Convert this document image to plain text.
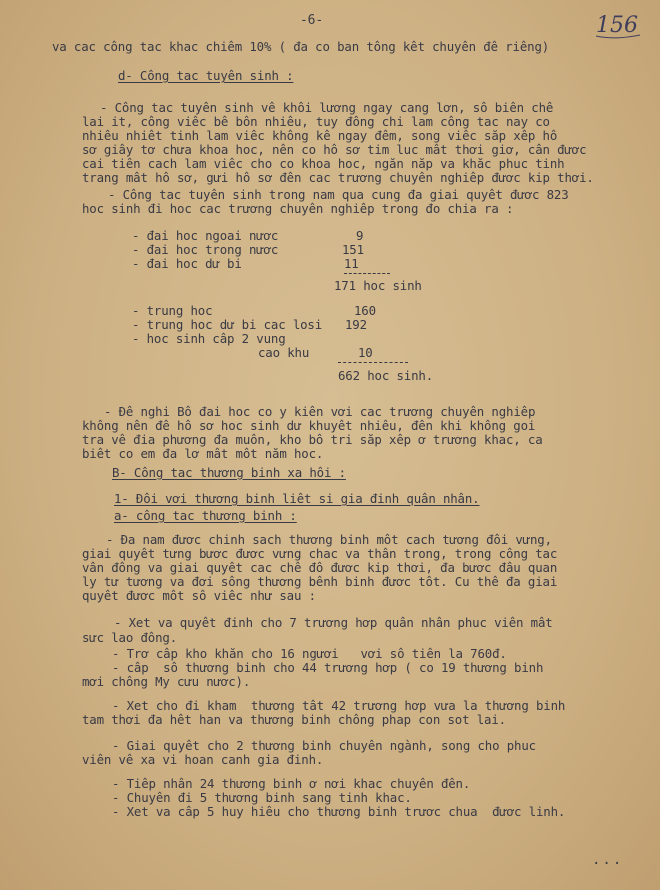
-6-	156
va cac công tac khac chiêm 10% ( đa co ban tông kêt chuyên đê riêng)
d- Công tac tuyên sinh :
- Công tac tuyên sinh vê khôi lương ngay cang lơn, sô biên chê
lai it, công viêc bê bôn nhiêu, tuy đông chi lam công tac nay co
nhiêu nhiêt tinh lam viêc không kê ngay đêm, song viêc săp xêp hô
sơ giây tơ chưa khoa hoc, nên co hô sơ tim luc mât thơi giơ, cân đươc
cai tiên cach lam viêc cho co khoa hoc, ngăn năp va khăc phuc tinh
trang mât hô sơ, gưi hô sơ đên cac trương chuyên nghiêp đươc kip thơi.
- Công tac tuyên sinh trong nam qua cung đa giai quyêt đươc 823
hoc sinh đi hoc cac trương chuyên nghiêp trong đo chia ra :
- đai hoc ngoai nươc
- đai hoc trong nươc
- đai hoc dư bi
9
151
11
171 hoc sinh
- trung hoc
- trung hoc dư bi cac losi
- hoc sinh câp 2 vung
cao khu
160
192
10
662 hoc sinh.
- Đê nghi Bô đai hoc co y kiên vơi cac trương chuyên nghiêp
không nên đê hô sơ hoc sinh dư khuyêt nhiêu, đên khi không goi
tra vê đia phương đa muôn, kho bô tri săp xêp ơ trương khac, ca
biêt co em đa lơ mât môt năm hoc.
B- Công tac thương binh xa hôi :
1- Đôi vơi thương binh liêt si gia đinh quân nhân.
a- công tac thương binh :
- Đa nam đươc chinh sach thương binh môt cach tương đôi vưng,
giai quyêt tưng bươc đươc vưng chac va thân trong, trong công tac
vân đông va giai quyêt cac chê đô đươc kip thơi, đa bươc đâu quan
ly tư tương va đơi sông thương bênh binh đươc tôt. Cu thê đa giai
quyêt đươc môt sô viêc như sau :
- Xet va quyêt đinh cho 7 trương hơp quân nhân phuc viên mât
sưc lao đông.
- Trơ câp kho khăn cho 16 ngươi   vơi sô tiên la 760đ.
- câp  sô thương binh cho 44 trương hơp ( co 19 thương binh
mơi chông My cưu nươc).
- Xet cho đi kham  thương tât 42 trương hơp vưa la thương binh
tam thơi đa hêt han va thương binh chông phap con sot lai.
- Giai quyêt cho 2 thương binh chuyên ngành, song cho phuc
viên vê xa vi hoan canh gia đinh.
- Tiêp nhân 24 thương binh ơ nơi khac chuyên đên.
- Chuyên đi 5 thương binh sang tinh khac.
- Xet va câp 5 huy hiêu cho thương binh trươc chua  đươc linh.
...
